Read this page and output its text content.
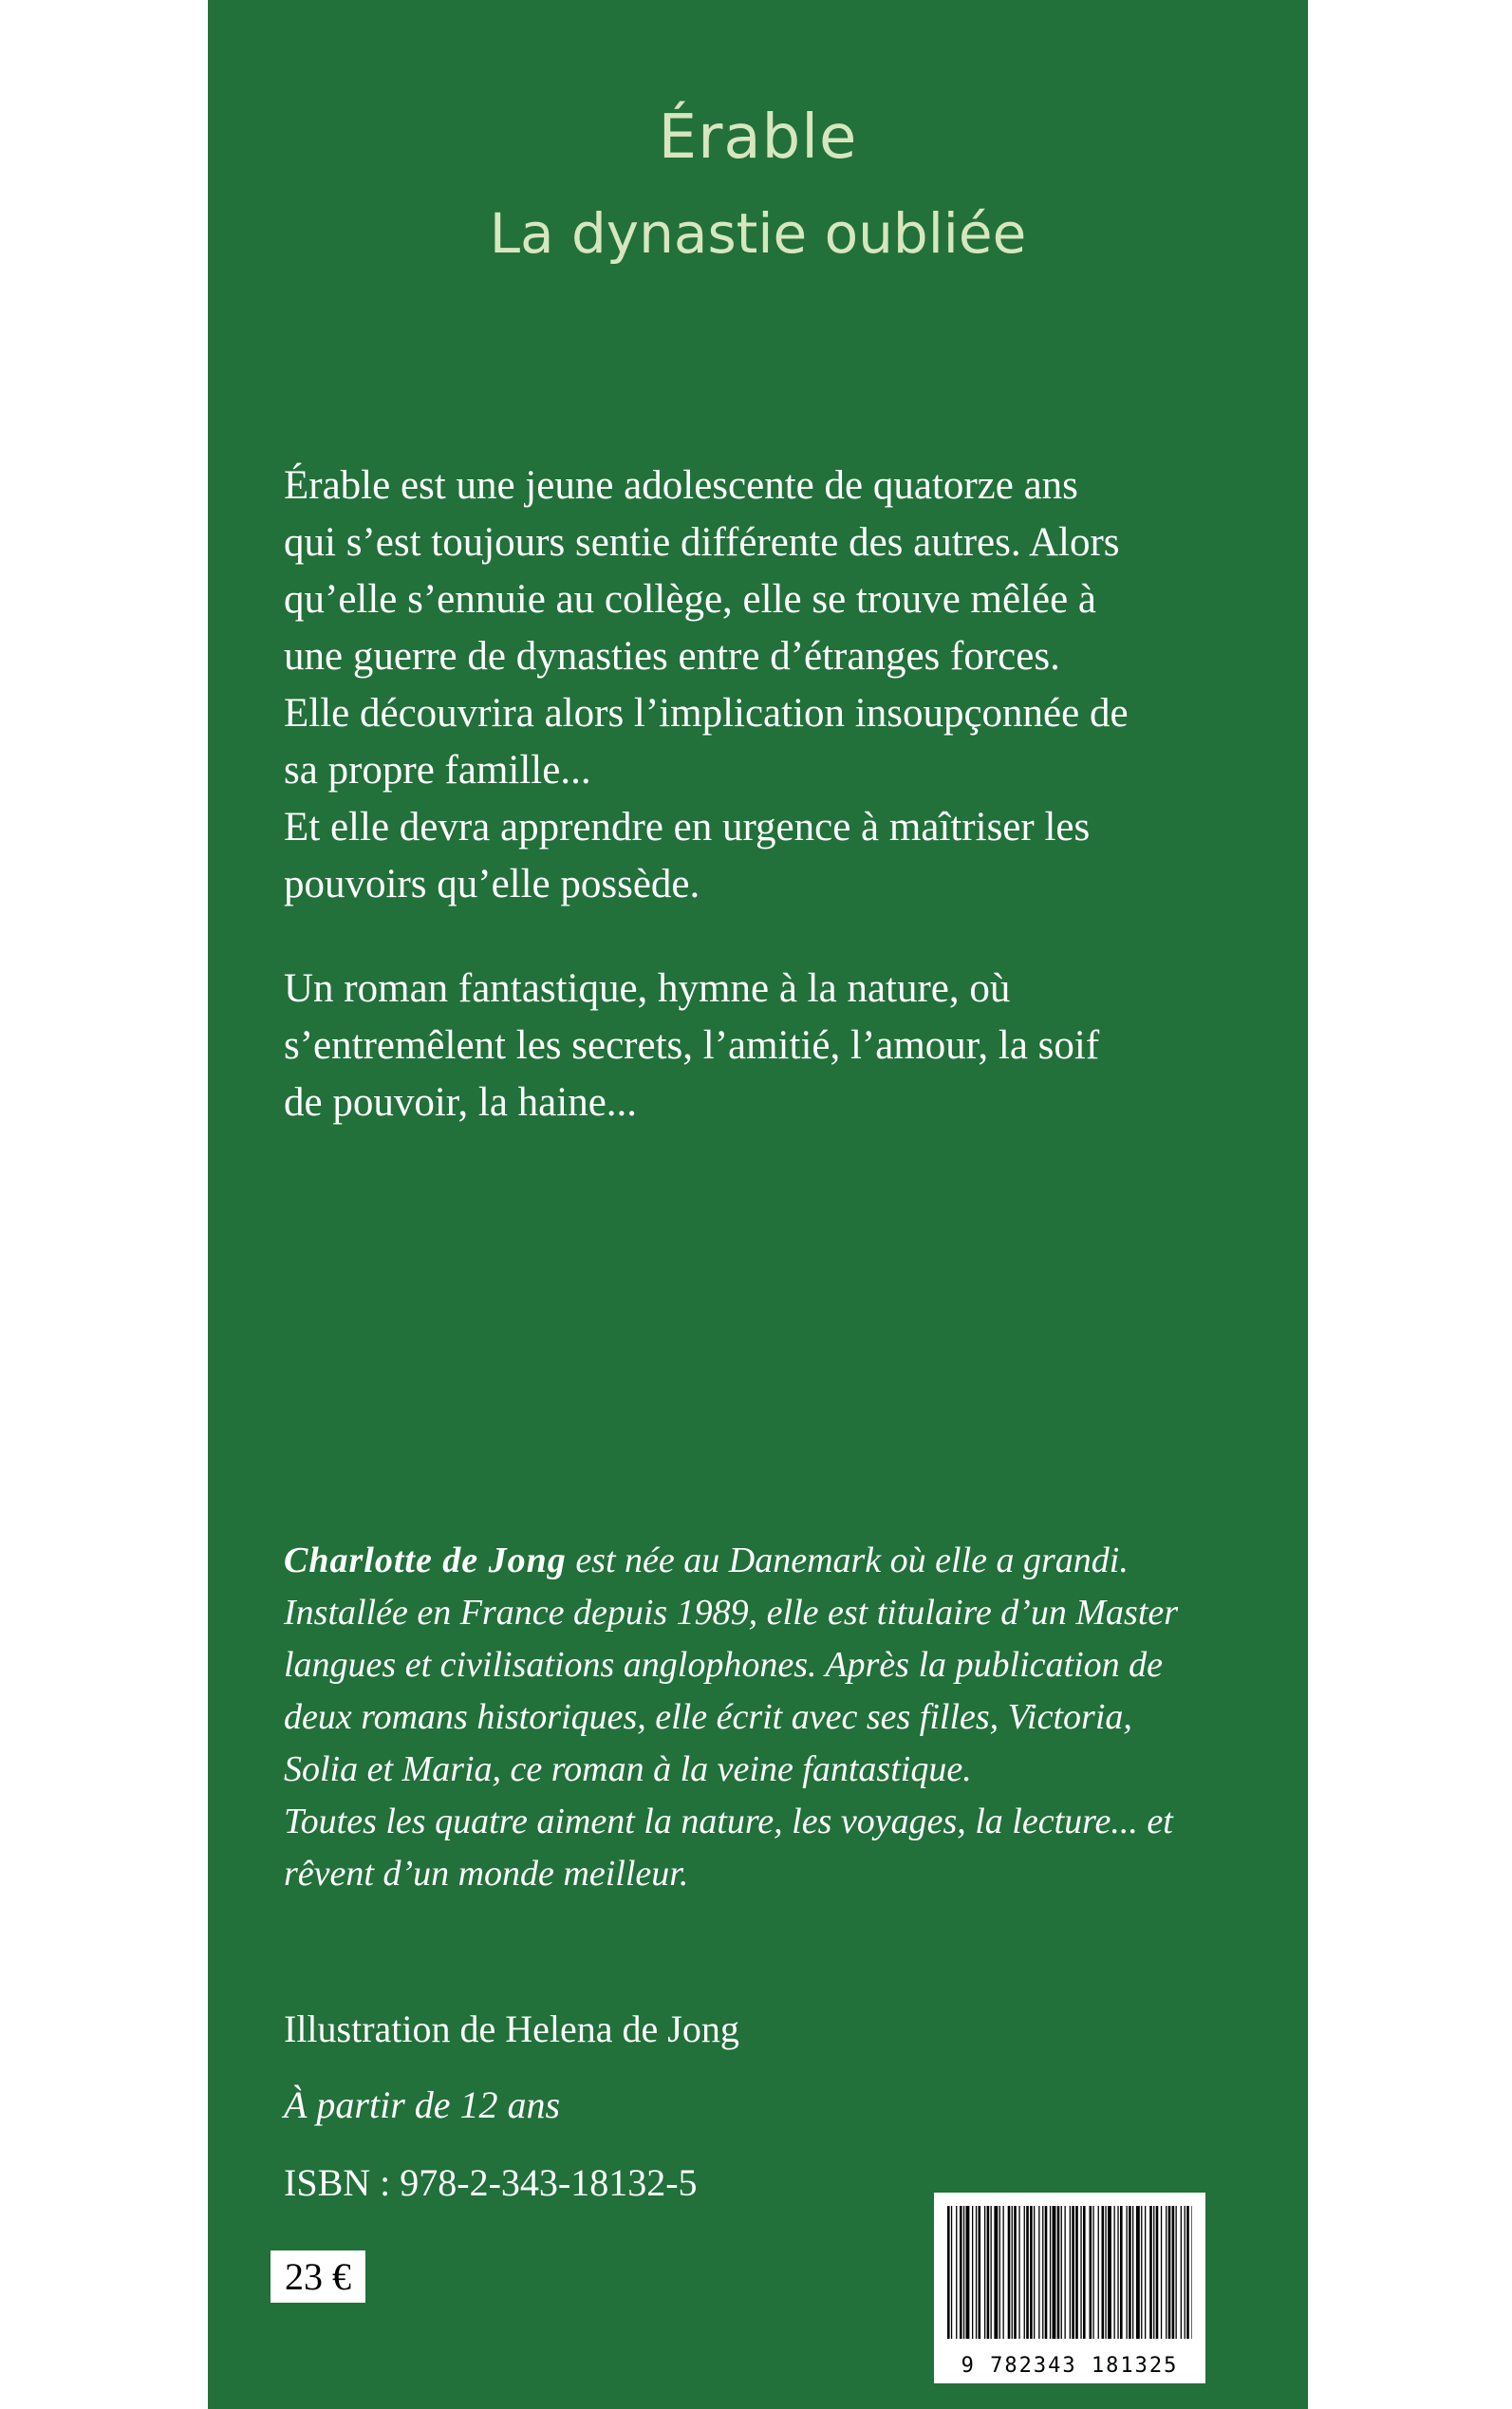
Érable
La dynastie oubliée

Érable est une jeune adolescente de quatorze ans
qui s’est toujours sentie différente des autres. Alors
qu’elle s’ennuie au collège, elle se trouve mêlée à
une guerre de dynasties entre d’étranges forces.
Elle découvrira alors l’implication insoupçonnée de
sa propre famille...
Et elle devra apprendre en urgence à maîtriser les
pouvoirs qu’elle possède.

Un roman fantastique, hymne à la nature, où
s’entremêlent les secrets, l’amitié, l’amour, la soif
de pouvoir, la haine...

Charlotte de Jong est née au Danemark où elle a grandi.
Installée en France depuis 1989, elle est titulaire d’un Master
langues et civilisations anglophones. Après la publication de
deux romans historiques, elle écrit avec ses filles, Victoria,
Solia et Maria, ce roman à la veine fantastique.
Toutes les quatre aiment la nature, les voyages, la lecture... et
rêvent d’un monde meilleur.

Illustration de Helena de Jong
À partir de 12 ans
ISBN : 978-2-343-18132-5
23 €
9 782343 181325	Maquette : Isabel Lavina
